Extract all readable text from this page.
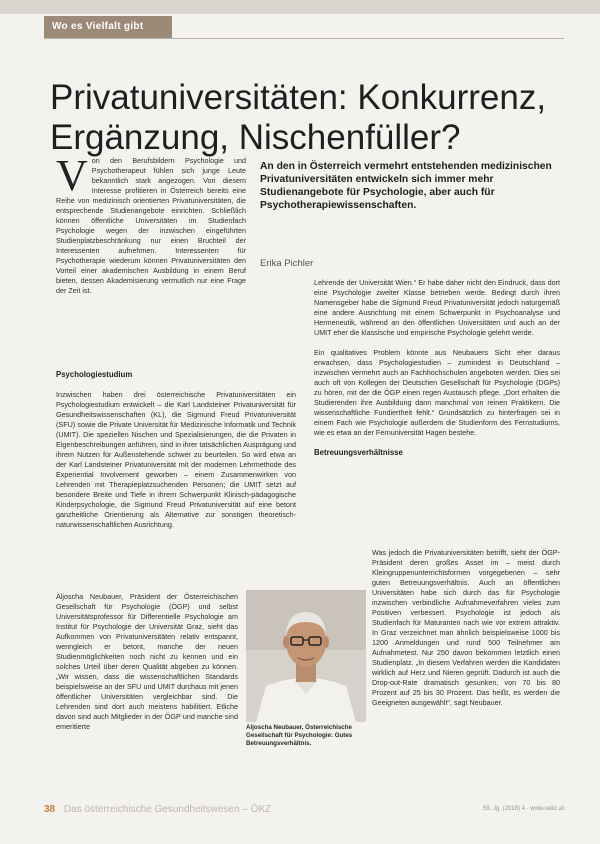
Wo es Vielfalt gibt
Privatuniversitäten: Konkurrenz,
Ergänzung, Nischenfüller?
V on den Berufsbildern Psychologie und Psychotherapeut fühlen sich junge Leute bekanntlich stark angezogen. Von diesem Interesse profitieren in Österreich bereits eine Reihe von medizinisch orientierten Privatuniversitäten, die entsprechende Studienangebote einrichten. Schließlich können öffentliche Universitäten im Studienfach Psychologie wegen der inzwischen eingeführten Studienplatzbeschränkung nur einen Bruchteil der Interessenten aufnehmen. Interessenten für Psychotherapie wiederum können Privatuniversitäten den Vorteil einer akademischen Ausbildung in einem Beruf bieten, dessen Akademisierung vermutlich nur eine Frage der Zeit ist.
An den in Österreich vermehrt entstehenden medizinischen Privatuniversitäten entwickeln sich immer mehr Studienangebote für Psychologie, aber auch für Psychotherapiewissenschaften.
Erika Pichler

Psychologiestudium

Inzwischen haben drei österreichische Privatuniversitäten ein Psychologiestudium entwickelt – die Karl Landsteiner Privatuniversität für Gesundheitswissenschaften (KL), die Sigmund Freud Privatuniversität (SFU) sowie die Private Universität für Medizinische Informatik und Technik (UMIT). Die speziellen Nischen und Spezialisierungen, die die Privaten in Eigenbeschreibungen anführen, sind in ihrer tatsächlichen Ausprägung und ihrem Nutzen für Außenstehende schwer zu beurteilen. So wird etwa an der Karl Landsteiner Privatuniversität mit der modernen Lehrmethode des Experiential Involvement geworben – einem Zusammenwirken von Lehrenden mit Therapieplatzsuchenden Personen; die UMIT setzt auf besondere Breite und Tiefe in ihrem Schwerpunkt Klinisch-pädagogische Kinderpsychologie, die Sigmund Freud Privatuniversität auf eine betont ganzheitliche Orientierung als Alternative zur sonstigen theoretisch-naturwissenschaftlichen Ausrichtung.

Aljoscha Neubauer, Präsident der Österreichischen Gesellschaft für Psychologie (ÖGP) und selbst Universitätsprofessor für Differentielle Psychologie am Institut für Psychologie der Universität Graz, sieht das Aufkommen von Privatuniversitäten relativ entspannt, wenngleich er betont, manche der neuen Studienmöglichkeiten noch nicht zu kennen und ein solches Urteil über deren Qualität abgeben zu können. „Wir wissen, dass die wissenschaftlichen Standards beispielsweise an der SFU und UMIT durchaus mit jenen öffentlicher Universitäten vergleichbar sind. Die Lehrenden sind dort auch meistens habilitiert. Etliche davon sind auch Mitglieder in der ÖGP und manche sind emeritierte

Lehrende der Universität Wien.“ Er habe daher nicht den Eindruck, dass dort eine Psychologie zweiter Klasse betrieben werde. Bedingt durch ihren Namensgeber habe die Sigmund Freud Privatuniversität jedoch naturgemäß eine andere Ausrichtung mit einem Schwerpunkt in Psychoanalyse und Hermeneutik, während an den öffentlichen Universitäten und auch an der UMIT eher die klassische und empirische Psychologie gelehrt werde.

Ein qualitatives Problem könnte aus Neubauers Sicht eher daraus erwachsen, dass Psychologiestudien – zumindest in Deutschland – inzwischen vermehrt auch an Fachhochschulen angeboten werden. Dies sei auch oft von Kollegen der Deutschen Gesellschaft für Psychologie (DGPs) zu hören, mit der die ÖGP einen regen Austausch pflege. „Dort erhalten die Studierenden ihre Ausbildung dann manchmal von reinen Praktikern. Die wissenschaftliche Fundiertheit fehlt.“ Grundsätzlich zu hinterfragen sei in einem Fach wie Psychologie außerdem die Studienform des Fernstudiums, wie es etwa an der Fernuniversität Hagen bestehe.

Betreuungsverhältnisse

Was jedoch die Privatuniversitäten betrifft, sieht der ÖGP-Präsident deren großes Asset im – meist durch Kleingruppenunterrichtsformen vorgegebenen – sehr guten Betreuungsverhältnis. Auch an öffentlichen Universitäten habe sich durch das für Psychologie inzwischen verbindliche Aufnahmeverfahren vieles zum Positiven verbessert. Psychologie ist jedoch als Studienfach für Maturanten nach wie vor extrem attraktiv. In Graz verzeichnet man ähnlich beispielsweise 1000 bis 1200 Anmeldungen und rund 500 Teilnehmer am Aufnahmetest. Nur 250 davon bekommen letztlich einen Studienplatz. „In diesem Verfahren werden die Kandidaten wirklich auf Herz und Nieren geprüft. Dadurch ist auch die Drop-out-Rate dramatisch gesunken, von 70 bis 80 Prozent auf 25 bis 30 Prozent. Das heißt, es werden die Geeigneten ausgewählt“, sagt Neubauer.

Aljoscha Neubauer, Österreichische Gesellschaft für Psychologie: Gutes Betreuungsverhältnis.
38 Das österreichische Gesundheitswesen – ÖKZ	59. Jg. (2018) 4 · www.oekz.at
